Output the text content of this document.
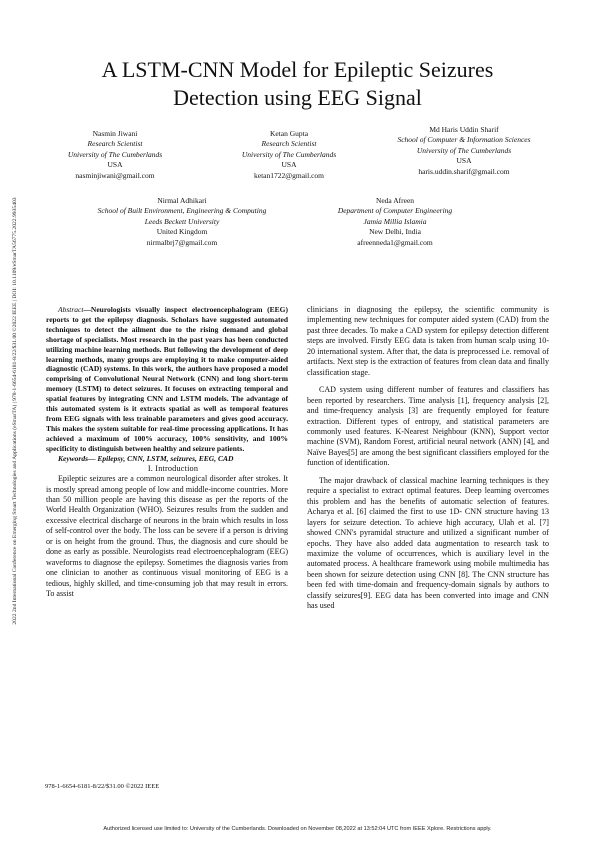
2022 2nd International Conference on Emerging Smart Technologies and Applications (eSmarTA) | 978-1-6654-6181-8/22/$31.00 ©2022 IEEE | DOI: 10.1109/eSmarTA56775.2022.9935403
A LSTM-CNN Model for Epileptic Seizures
Detection using EEG Signal
Nasmin Jiwani
Research Scientist
University of The Cumberlands
USA
nasminjiwani@gmail.com
Ketan Gupta
Research Scientist
University of The Cumberlands
USA
ketan1722@gmail.com
Md Haris Uddin Sharif
School of Computer & Information Sciences
University of The Cumberlands
USA
haris.uddin.sharif@gmail.com
Nirmal Adhikari
School of Built Environment, Engineering & Computing
Leeds Beckett University
United Kingdom
nirmalbrj7@gmail.com
Neda Afreen
Department of Computer Engineering
Jamia Millia Islamia
New Delhi, India
afreenneda1@gmail.com

Abstract—Neurologists visually inspect electroencephalogram (EEG) reports to get the epilepsy diagnosis. Scholars have suggested automated techniques to detect the ailment due to the rising demand and global shortage of specialists. Most research in the past years has been conducted utilizing machine learning methods. But following the development of deep learning methods, many groups are employing it to make computer-aided diagnostic (CAD) systems. In this work, the authors have proposed a model comprising of Convolutional Neural Network (CNN) and long short-term memory (LSTM) to detect seizures. It focuses on extracting temporal and spatial features by integrating CNN and LSTM models. The advantage of this automated system is it extracts spatial as well as temporal features from EEG signals with less trainable parameters and gives good accuracy. This makes the system suitable for real-time processing applications. It has achieved a maximum of 100% accuracy, 100% sensitivity, and 100% specificity to distinguish between healthy and seizure patients.

Keywords— Epilepsy, CNN, LSTM, seizures, EEG, CAD

I. Introduction

Epileptic seizures are a common neurological disorder after strokes. It is mostly spread among people of low and middle-income countries. More than 50 million people are having this disease as per the reports of the World Health Organization (WHO). Seizures results from the sudden and excessive electrical discharge of neurons in the brain which results in loss of self-control over the body. The loss can be severe if a person is driving or is on height from the ground. Thus, the diagnosis and cure should be done as early as possible. Neurologists read electroencephalogram (EEG) waveforms to diagnose the epilepsy. Sometimes the diagnosis varies from one clinician to another as continuous visual monitoring of EEG is a tedious, highly skilled, and time-consuming job that may result in errors. To assist

clinicians in diagnosing the epilepsy, the scientific community is implementing new techniques for computer aided system (CAD) from the past three decades. To make a CAD system for epilepsy detection different steps are involved. Firstly EEG data is taken from human scalp using 10-20 international system. After that, the data is preprocessed i.e. removal of artifacts. Next step is the extraction of features from clean data and finally classification stage.

CAD system using different number of features and classifiers has been reported by researchers. Time analysis [1], frequency analysis [2], and time-frequency analysis [3] are frequently employed for feature extraction. Different types of entropy, and statistical parameters are commonly used features. K-Nearest Neighbour (KNN), Support vector machine (SVM), Random Forest, artificial neural network (ANN) [4], and Naïve Bayes[5] are among the best significant classifiers employed for the function of identification.

The major drawback of classical machine learning techniques is they require a specialist to extract optimal features. Deep learning overcomes this problem and has the benefits of automatic selection of features. Acharya et al. [6] claimed the first to use 1D- CNN structure having 13 layers for seizure detection. To achieve high accuracy, Ulah et al. [7] showed CNN's pyramidal structure and utilized a significant number of epochs. They have also added data augmentation to research task to maximize the volume of occurrences, which is auxiliary level in the automated process. A healthcare framework using mobile multimedia has been shown for seizure detection using CNN [8]. The CNN structure has been fed with time-domain and frequency-domain signals by authors to classify seizures[9]. EEG data has been converted into image and CNN has used

978-1-6654-6181-8/22/$31.00 ©2022 IEEE
Authorized licensed use limited to: University of the Cumberlands. Downloaded on November 08,2022 at 13:52:04 UTC from IEEE Xplore. Restrictions apply.
